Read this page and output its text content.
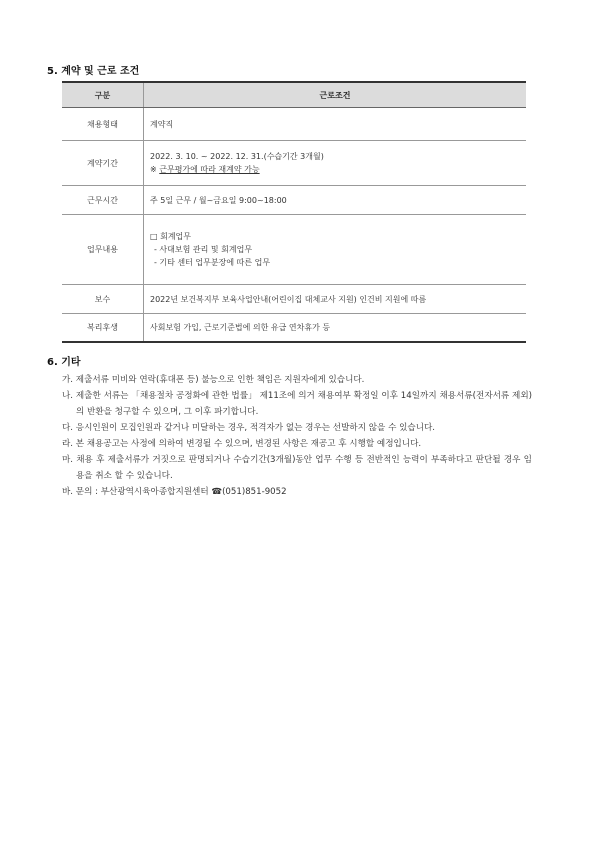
5. 계약 및 근로 조건
구분	근로조건
채용형태	계약직

계약기간	2022. 3. 10. ~ 2022. 12. 31.(수습기간 3개월)
※ 근무평가에 따라 재계약 가능

근무시간	주 5일 근무 / 월~금요일 9:00~18:00

업무내용	□ 회계업무
- 사대보험 관리 및 회계업무
- 기타 센터 업무분장에 따른 업무

보수	2022년 보건복지부 보육사업안내(어린이집 대체교사 지원) 인건비 지원에 따름

복리후생	사회보험 가입, 근로기준법에 의한 유급 연차휴가 등
6. 기타
가. 제출서류 미비와 연락(휴대폰 등) 불능으로 인한 책임은 지원자에게 있습니다.
나. 제출한 서류는 「채용절차 공정화에 관한 법률」 제11조에 의거 채용여부 확정일 이후 14일까지 채용서류(전자서류 제외)의 반환을 청구할 수 있으며, 그 이후 파기합니다.
다. 응시인원이 모집인원과 같거나 미달하는 경우, 적격자가 없는 경우는 선발하지 않을 수 있습니다.
라. 본 채용공고는 사정에 의하여 변경될 수 있으며, 변경된 사항은 재공고 후 시행할 예정입니다.
마. 채용 후 제출서류가 거짓으로 판명되거나 수습기간(3개월)동안 업무 수행 등 전반적인 능력이 부족하다고 판단될 경우 임용을 취소 할 수 있습니다.
바. 문의 : 부산광역시육아종합지원센터 ☎(051)851-9052
